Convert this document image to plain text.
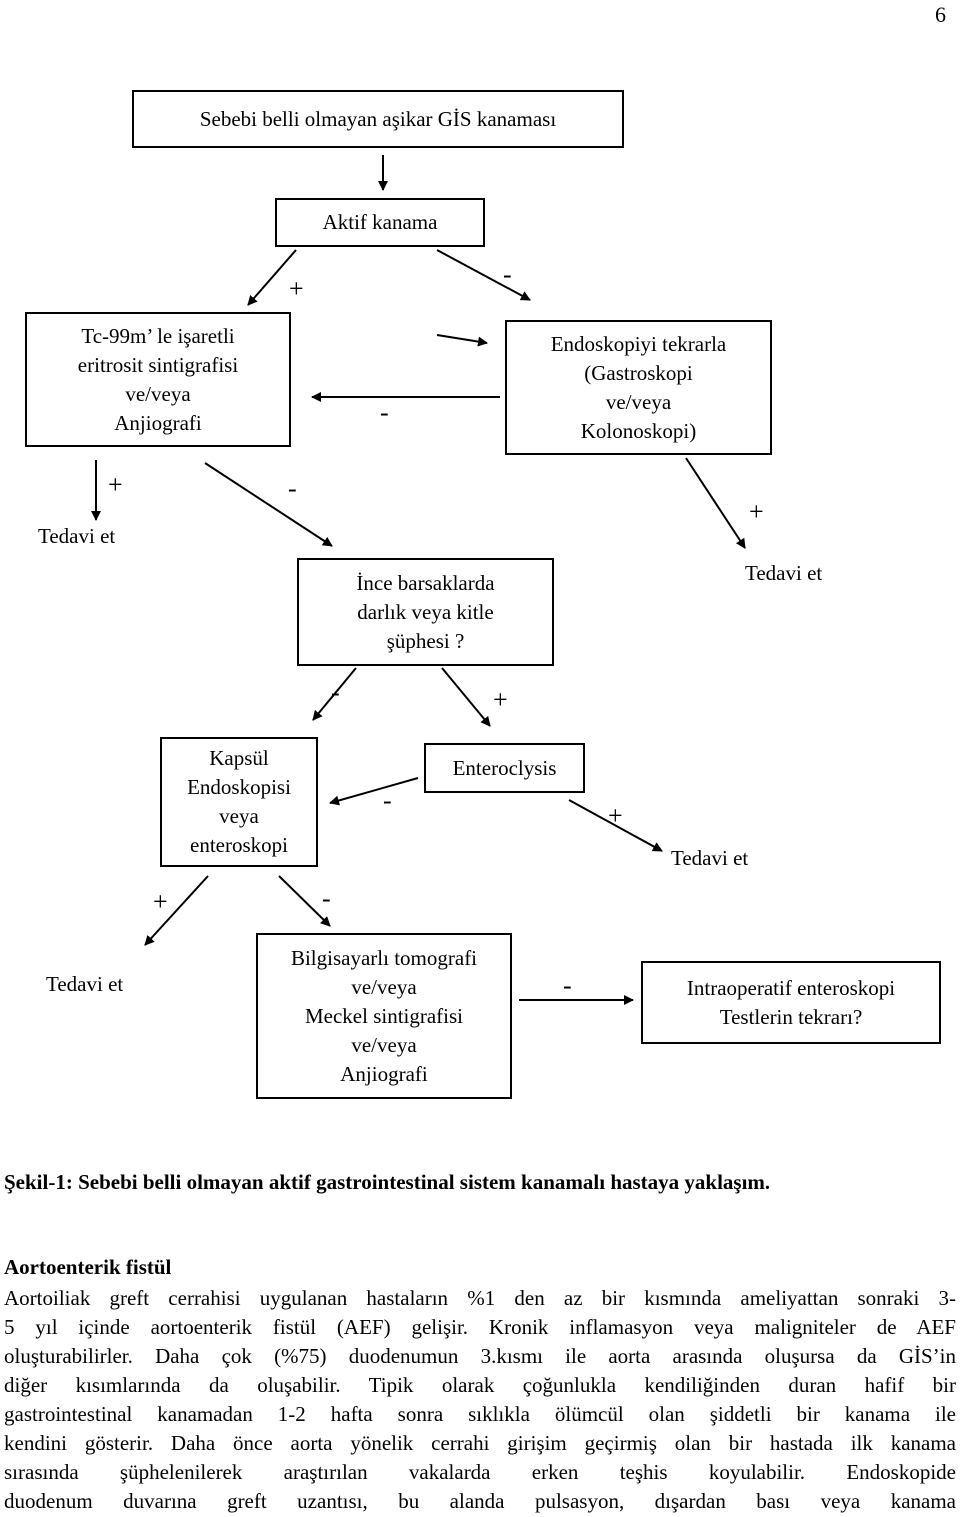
6
Sebebi belli olmayan aşikar GİS kanaması
Aktif kanama
Tc-99m’ le işaretli
eritrosit sintigrafisi
ve/veya
Anjiografi
Endoskopiyi tekrarla
(Gastroskopi
ve/veya
Kolonoskopi)
İnce barsaklarda
darlık veya kitle
şüphesi ?
Kapsül
Endoskopisi
veya
enteroskopi
Enteroclysis
Bilgisayarlı tomografi
ve/veya
Meckel sintigrafisi
ve/veya
Anjiografi
Intraoperatif enteroskopi
Testlerin tekrarı?
Tedavi et
Tedavi et
Tedavi et
Tedavi et
+	-
-
+	-
+
-	+
-
+
+	-
-
Şekil-1: Sebebi belli olmayan aktif gastrointestinal sistem kanamalı hastaya yaklaşım.
Aortoenterik fistül
Aortoiliak greft cerrahisi uygulanan hastaların %1 den az bir kısmında ameliyattan sonraki 3-
5 yıl içinde aortoenterik fistül (AEF) gelişir. Kronik inflamasyon veya maligniteler de AEF
oluşturabilirler. Daha çok (%75) duodenumun 3.kısmı ile aorta arasında oluşursa da GİS’in
diğer kısımlarında da oluşabilir. Tipik olarak çoğunlukla kendiliğinden duran hafif bir
gastrointestinal kanamadan 1-2 hafta sonra sıklıkla ölümcül olan şiddetli bir kanama ile
kendini gösterir. Daha önce aorta yönelik cerrahi girişim geçirmiş olan bir hastada ilk kanama
sırasında şüphelenilerek araştırılan vakalarda erken teşhis koyulabilir. Endoskopide
duodenum duvarına greft uzantısı, bu alanda pulsasyon, dışardan bası veya kanama
